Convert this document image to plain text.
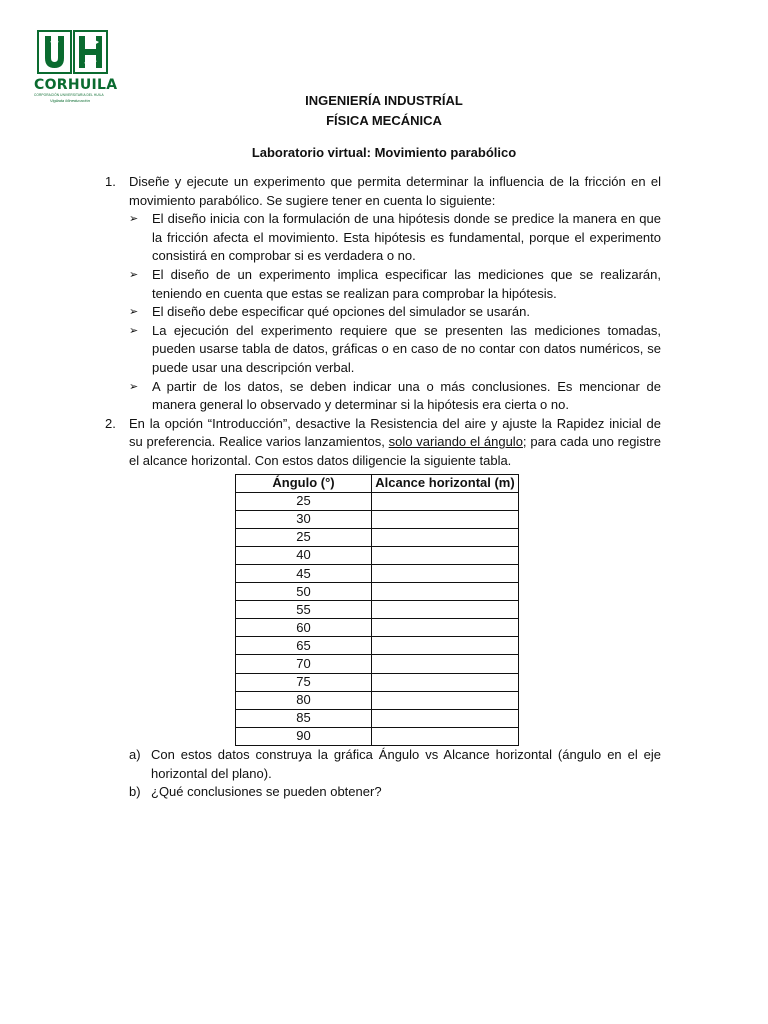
CORHUILA
CORPORACIÓN UNIVERSITARIA DEL HUILA
Vigilada Mineducación	INGENIERÍA INDUSTRÍAL
FÍSICA MECÁNICA
Laboratorio virtual: Movimiento parabólico
1.	Diseñe y ejecute un experimento que permita determinar la influencia de la fricción en el movimiento parabólico. Se sugiere tener en cuenta lo siguiente:
➢	El diseño inicia con la formulación de una hipótesis donde se predice la manera en que la fricción afecta el movimiento. Esta hipótesis es fundamental, porque el experimento consistirá en comprobar si es verdadera o no.
➢	El diseño de un experimento implica especificar las mediciones que se realizarán, teniendo en cuenta que estas se realizan para comprobar la hipótesis.
➢	El diseño debe especificar qué opciones del simulador se usarán.
➢	La ejecución del experimento requiere que se presenten las mediciones tomadas, pueden usarse tabla de datos, gráficas o en caso de no contar con datos numéricos, se puede usar una descripción verbal.
➢	A partir de los datos, se deben indicar una o más conclusiones. Es mencionar de manera general lo observado y determinar si la hipótesis era cierta o no.
2.	En la opción “Introducción”, desactive la Resistencia del aire y ajuste la Rapidez inicial de su preferencia. Realice varios lanzamientos, solo variando el ángulo; para cada uno registre el alcance horizontal. Con estos datos diligencie la siguiente tabla.
Ángulo (°)	Alcance horizontal (m)
25	
30	
25	
40	
45	
50	
55	
60	
65	
70	
75	
80	
85	
90	
a) Con estos datos construya la gráfica Ángulo vs Alcance horizontal (ángulo en el eje horizontal del plano).
b) ¿Qué conclusiones se pueden obtener?
